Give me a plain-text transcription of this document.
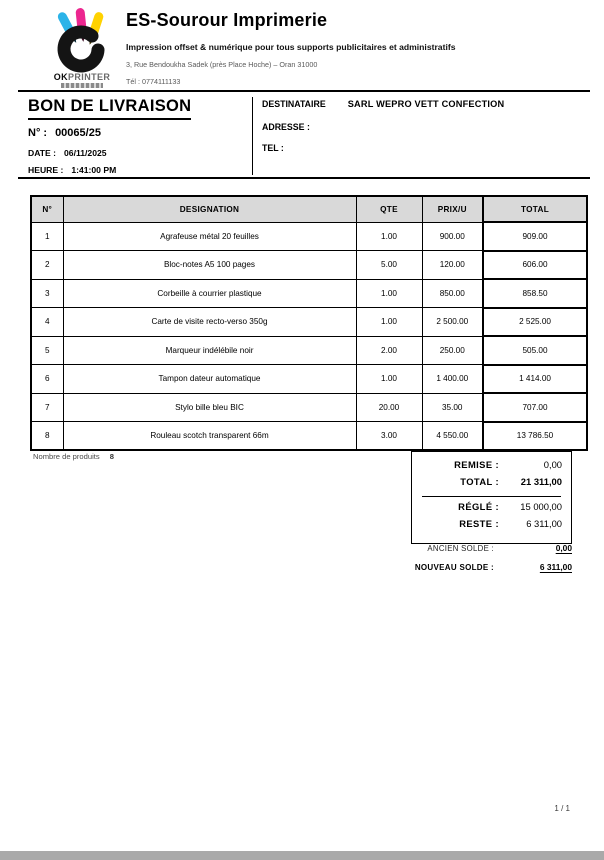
OKPRINTER
ES-Sourour Imprimerie
Impression offset & numérique pour tous supports publicitaires et administratifs
3, Rue Bendoukha Sadek (près Place Hoche) – Oran 31000
Tél : 0774111133
BON DE LIVRAISON
N° : 00065/25
DATE : 06/11/2025
HEURE : 1:41:00 PM
DESTINATAIRE SARL WEPRO VETT CONFECTION
ADRESSE :
TEL :
N°	DESIGNATION	QTE	PRIX/U	TOTAL
1	Agrafeuse métal 20 feuilles	1.00	900.00	909.00
2	Bloc-notes A5 100 pages	5.00	120.00	606.00
3	Corbeille à courrier plastique	1.00	850.00	858.50
4	Carte de visite recto-verso 350g	1.00	2 500.00	2 525.00
5	Marqueur indélébile noir	2.00	250.00	505.00
6	Tampon dateur automatique	1.00	1 400.00	1 414.00
7	Stylo bille bleu BIC	20.00	35.00	707.00
8	Rouleau scotch transparent 66m	3.00	4 550.00	13 786.50
Nombre de produits 8
REMISE :	0,00
TOTAL : 21 311,00
RÉGLÉ : 15 000,00
RESTE :	6 311,00
ANCIEN SOLDE :	0,00
NOUVEAU SOLDE :	6 311,00
1 / 1
